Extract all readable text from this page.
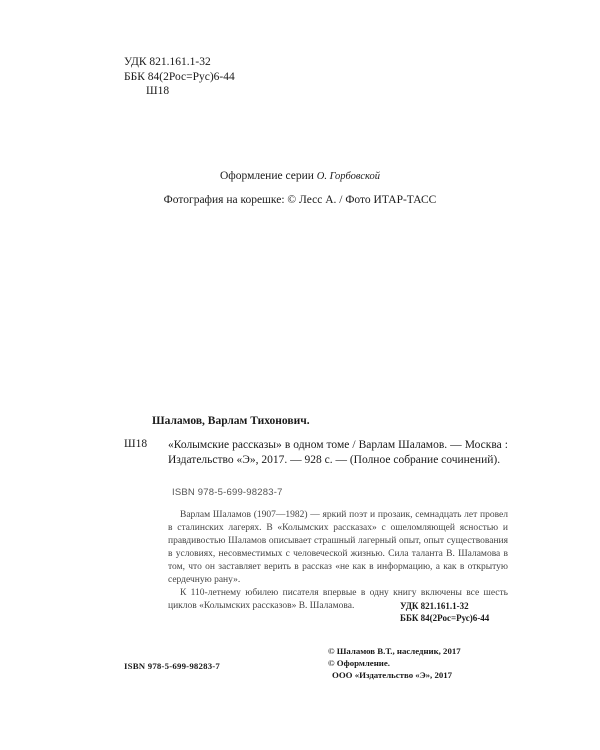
УДК 821.161.1-32
ББК 84(2Рос=Рус)6-44
Ш18
Оформление серии О. Горбовской
Фотография на корешке: © Лесс А. / Фото ИТАР-ТАСС
Шаламов, Варлам Тихонович.
Ш18 «Колымские рассказы» в одном томе / Варлам Шаламов. — Москва : Издательство «Э», 2017. — 928 с. — (Полное собрание сочинений).
ISBN 978-5-699-98283-7

Варлам Шаламов (1907—1982) — яркий поэт и прозаик, семнадцать лет провел в сталинских лагерях. В «Колымских рассказах» с ошеломляющей ясностью и правдивостью Шаламов описывает страшный лагерный опыт, опыт существования в условиях, несовместимых с человеческой жизнью. Сила таланта В. Шаламова в том, что он заставляет верить в рассказ «не как в информацию, а как в открытую сердечную рану».

К 110-летнему юбилею писателя впервые в одну книгу включены все шесть циклов «Колымских рассказов» В. Шаламова.	УДК 821.161.1-32
ББК 84(2Рос=Рус)6-44
© Шаламов В.Т., наследник, 2017
© Оформление.
ООО «Издательство «Э», 2017
ISBN 978-5-699-98283-7
